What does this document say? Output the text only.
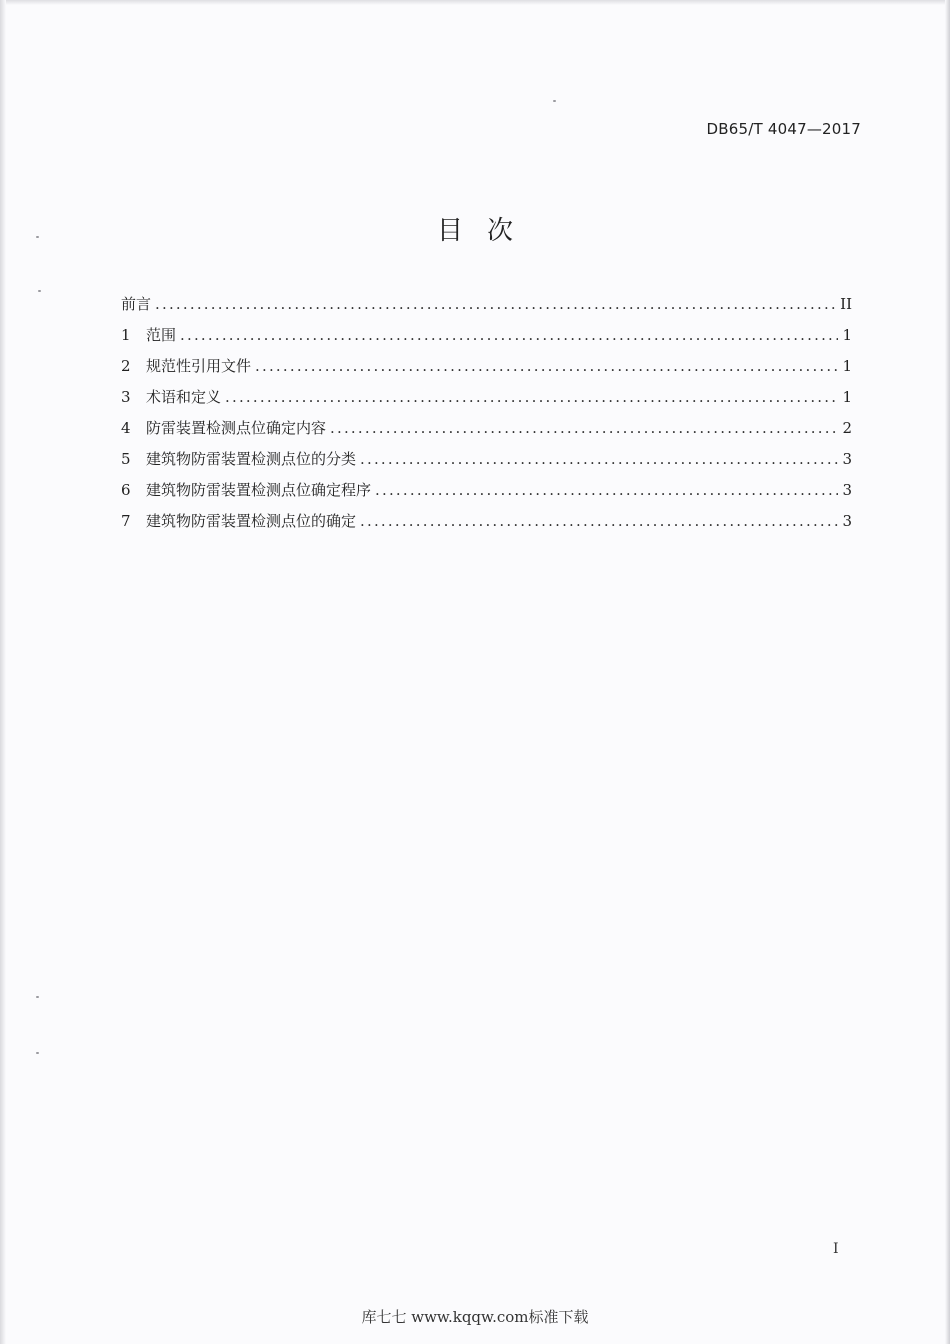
DB65/T 4047—2017
目次
前言 .....	II
1	范围 .....	1
2	规范性引用文件 .....	1
3	术语和定义 .....	1
4	防雷装置检测点位确定内容 .....	2
5	建筑物防雷装置检测点位的分类 .....	3
6	建筑物防雷装置检测点位确定程序 .....	3
7	建筑物防雷装置检测点位的确定 .....	3
I
库七七 www.kqqw.com标准下载
